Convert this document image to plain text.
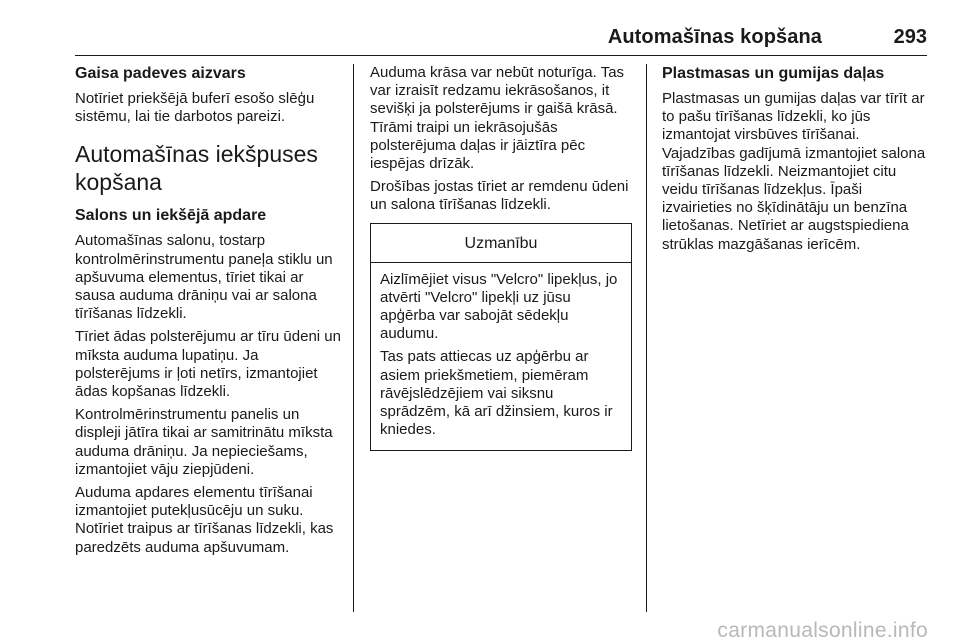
Automašīnas kopšana	293
Gaisa padeves aizvars
Notīriet priekšējā buferī esošo slēģu sistēmu, lai tie darbotos pareizi.
Automašīnas iekšpuses kopšana
Salons un iekšējā apdare
Automašīnas salonu, tostarp kontrolmērinstrumentu paneļa stiklu un apšuvuma elementus, tīriet tikai ar sausa auduma drāniņu vai ar salona tīrīšanas līdzekli.
Tīriet ādas polsterējumu ar tīru ūdeni un mīksta auduma lupatiņu. Ja polsterējums ir ļoti netīrs, izmantojiet ādas kopšanas līdzekli.
Kontrolmērinstrumentu panelis un displeji jātīra tikai ar samitrinātu mīksta auduma drāniņu. Ja nepieciešams, izmantojiet vāju ziepjūdeni.
Auduma apdares elementu tīrīšanai izmantojiet putekļusūcēju un suku. Notīriet traipus ar tīrīšanas līdzekli, kas paredzēts auduma apšuvumam.
Auduma krāsa var nebūt noturīga. Tas var izraisīt redzamu iekrāsošanos, it sevišķi ja polsterējums ir gaišā krāsā. Tīrāmi traipi un iekrāsojušās polsterējuma daļas ir jāiztīra pēc iespējas drīzāk.
Drošības jostas tīriet ar remdenu ūdeni un salona tīrīšanas līdzekli.
Uzmanību
Aizlīmējiet visus "Velcro" lipekļus, jo atvērti "Velcro" lipekļi uz jūsu apģērba var sabojāt sēdekļu audumu.
Tas pats attiecas uz apģērbu ar asiem priekšmetiem, piemēram rāvējslēdzējiem vai siksnu sprādzēm, kā arī džinsiem, kuros ir kniedes.
Plastmasas un gumijas daļas
Plastmasas un gumijas daļas var tīrīt ar to pašu tīrīšanas līdzekli, ko jūs izmantojat virsbūves tīrīšanai. Vajadzības gadījumā izmantojiet salona tīrīšanas līdzekli. Neizmantojiet citu veidu tīrīšanas līdzekļus. Īpaši izvairieties no šķīdinātāju un benzīna lietošanas. Netīriet ar augstspiediena strūklas mazgāšanas ierīcēm.
carmanualsonline.info
